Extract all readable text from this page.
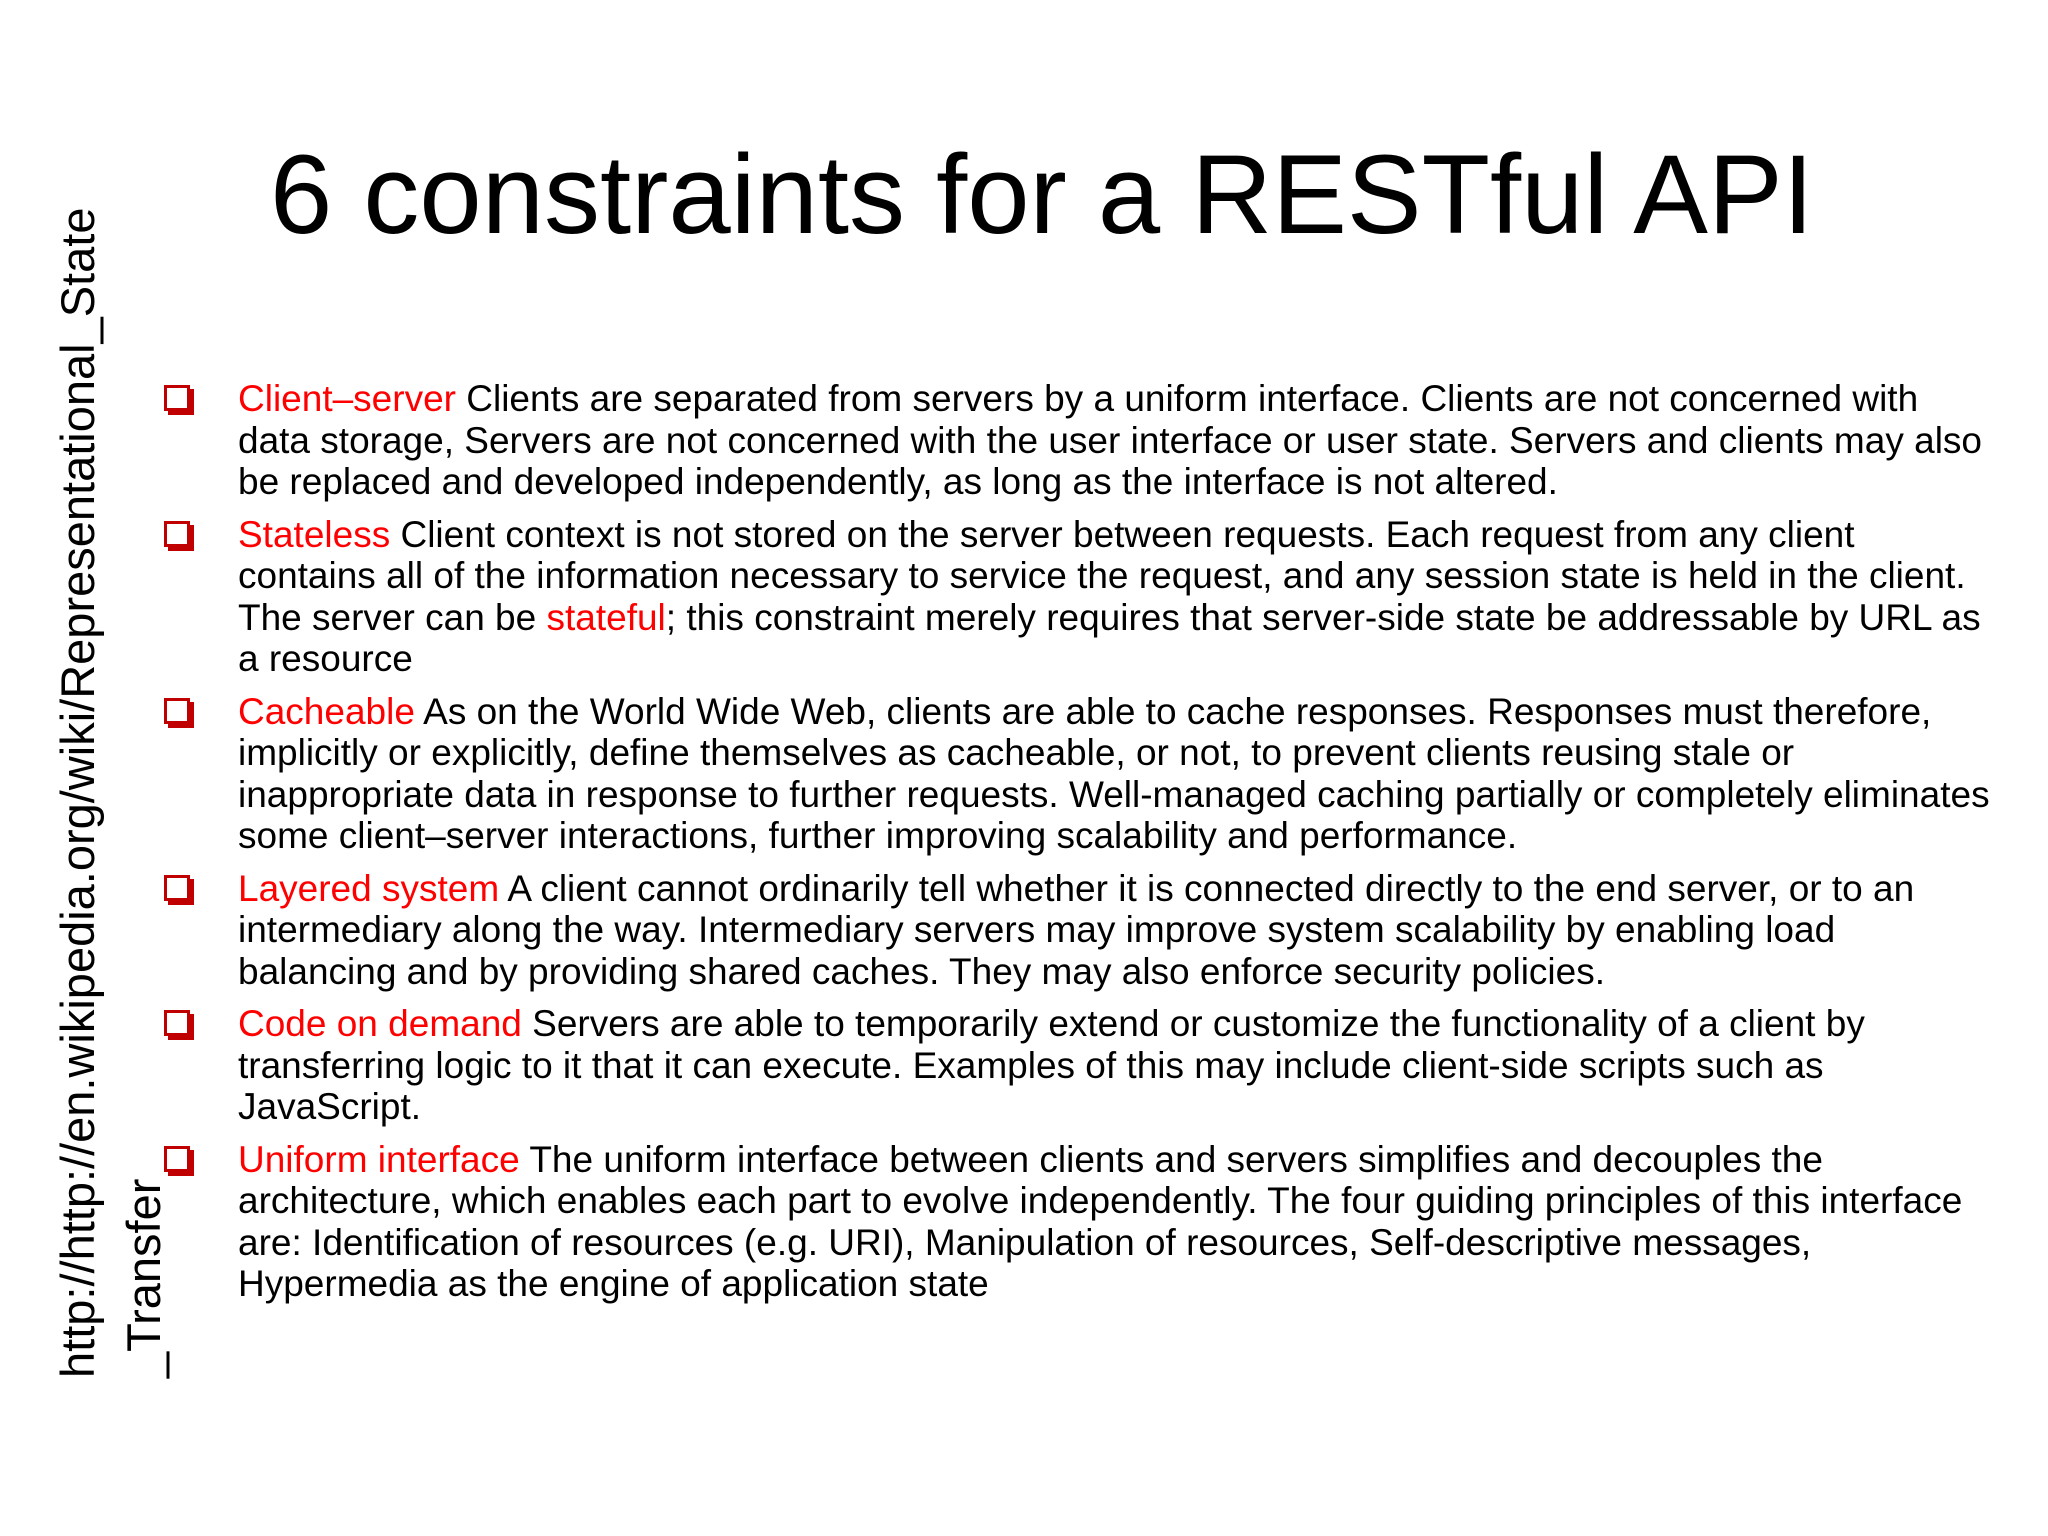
6 constraints for a RESTful API
http://http://en.wikipedia.org/wiki/Representational_State_Transfer
Client–server Clients are separated from servers by a uniform interface. Clients are not concerned with data storage, Servers are not concerned with the user interface or user state. Servers and clients may also be replaced and developed independently, as long as the interface is not altered.
Stateless Client context is not stored on the server between requests. Each request from any client contains all of the information necessary to service the request, and any session state is held in the client. The server can be stateful; this constraint merely requires that server-side state be addressable by URL as a resource
Cacheable As on the World Wide Web, clients are able to cache responses. Responses must therefore, implicitly or explicitly, define themselves as cacheable, or not, to prevent clients reusing stale or inappropriate data in response to further requests. Well-managed caching partially or completely eliminates some client–server interactions, further improving scalability and performance.
Layered system A client cannot ordinarily tell whether it is connected directly to the end server, or to an intermediary along the way. Intermediary servers may improve system scalability by enabling load balancing and by providing shared caches. They may also enforce security policies.
Code on demand Servers are able to temporarily extend or customize the functionality of a client by transferring logic to it that it can execute. Examples of this may include client-side scripts such as JavaScript.
Uniform interface The uniform interface between clients and servers simplifies and decouples the architecture, which enables each part to evolve independently. The four guiding principles of this interface are: Identification of resources (e.g. URI), Manipulation of resources, Self-descriptive messages, Hypermedia as the engine of application state
